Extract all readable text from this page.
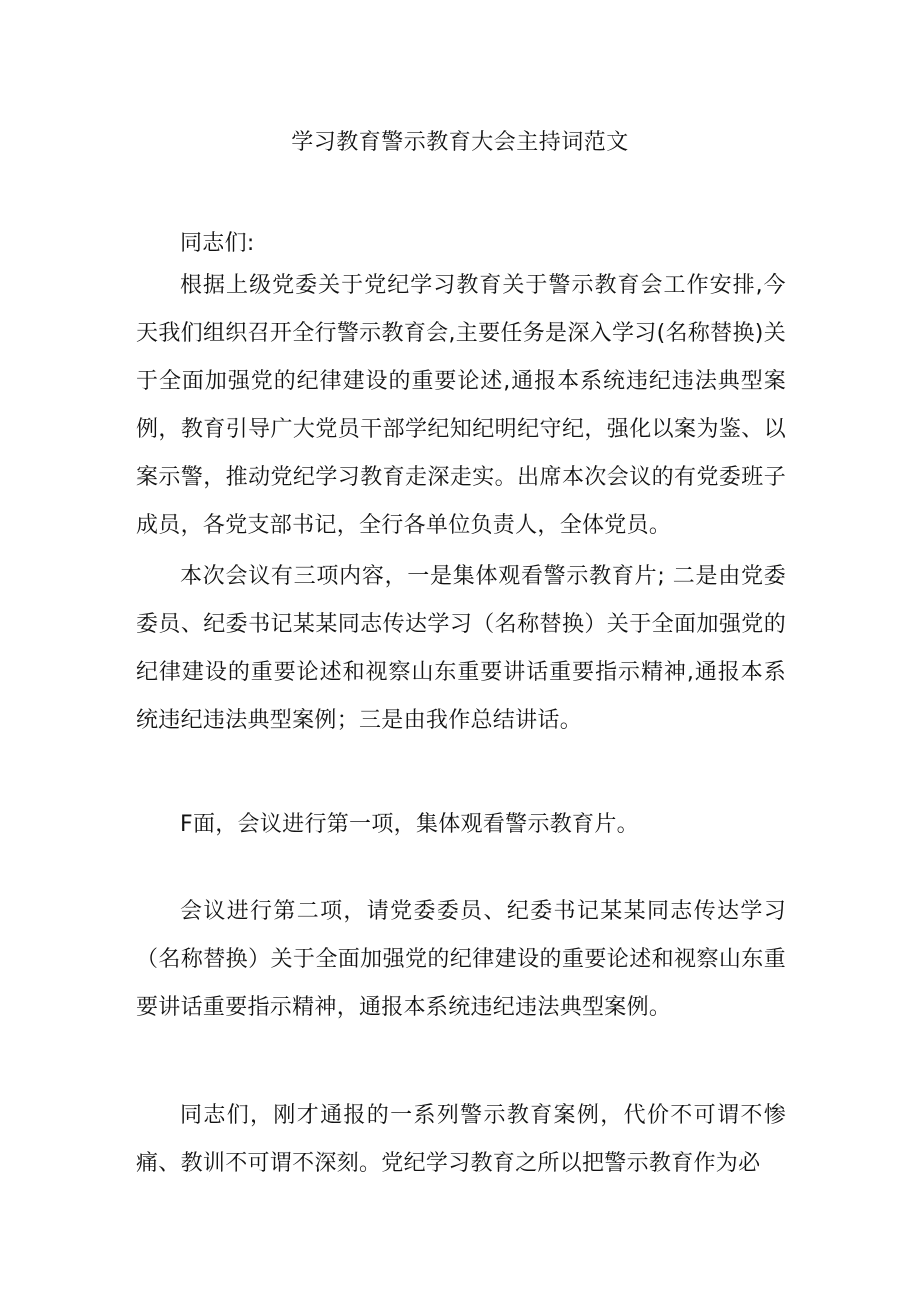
学习教育警示教育大会主持词范文
同志们:
根据上级党委关于党纪学习教育关于警示教育会工作安排,今天我们组织召开全行警示教育会,主要任务是深入学习(名称替换)关于全面加强党的纪律建设的重要论述,通报本系统违纪违法典型案例，教育引导广大党员干部学纪知纪明纪守纪，强化以案为鉴、以案示警，推动党纪学习教育走深走实。出席本次会议的有党委班子成员，各党支部书记，全行各单位负责人，全体党员。
本次会议有三项内容，一是集体观看警示教育片; 二是由党委委员、纪委书记某某同志传达学习（名称替换）关于全面加强党的纪律建设的重要论述和视察山东重要讲话重要指示精神,通报本系统违纪违法典型案例；三是由我作总结讲话。
F面，会议进行第一项，集体观看警示教育片。
会议进行第二项，请党委委员、纪委书记某某同志传达学习（名称替换）关于全面加强党的纪律建设的重要论述和视察山东重要讲话重要指示精神，通报本系统违纪违法典型案例。
同志们，刚才通报的一系列警示教育案例，代价不可谓不惨痛、教训不可谓不深刻。党纪学习教育之所以把警示教育作为必
